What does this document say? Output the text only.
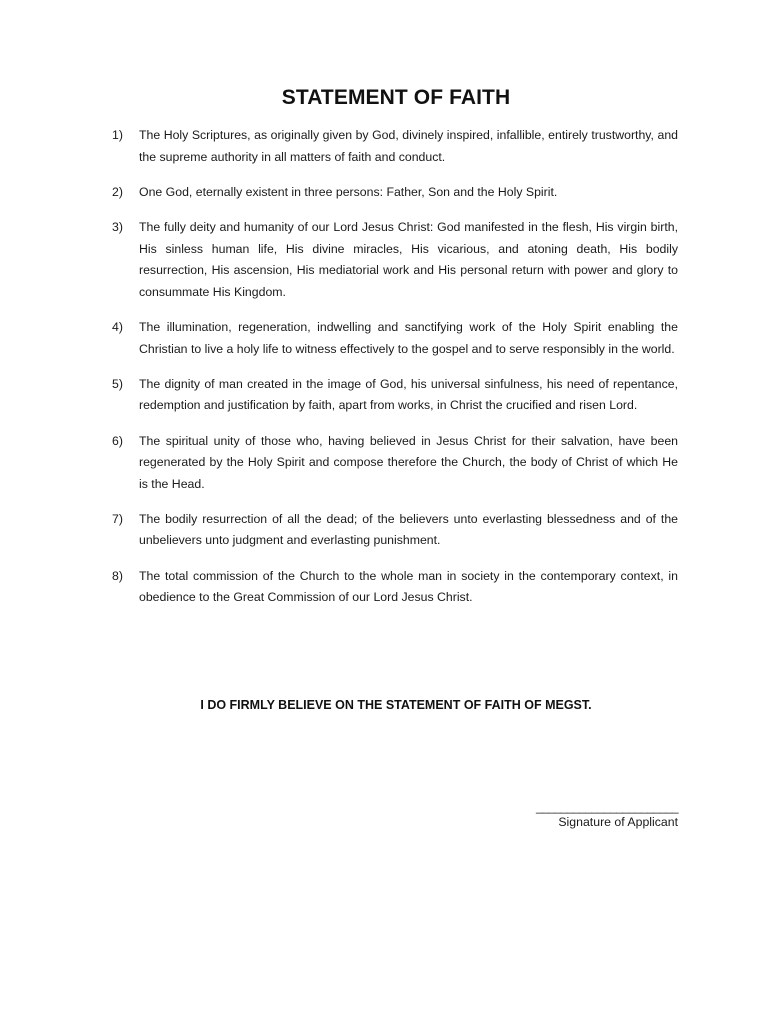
STATEMENT OF FAITH
1)	The Holy Scriptures, as originally given by God, divinely inspired, infallible, entirely trustworthy, and the supreme authority in all matters of faith and conduct.
2)	One God, eternally existent in three persons: Father, Son and the Holy Spirit.
3)	The fully deity and humanity of our Lord Jesus Christ: God manifested in the flesh, His virgin birth, His sinless human life, His divine miracles, His vicarious, and atoning death, His bodily resurrection, His ascension, His mediatorial work and His personal return with power and glory to consummate His Kingdom.
4)	The illumination, regeneration, indwelling and sanctifying work of the Holy Spirit enabling the Christian to live a holy life to witness effectively to the gospel and to serve responsibly in the world.
5)	The dignity of man created in the image of God, his universal sinfulness, his need of repentance, redemption and justification by faith, apart from works, in Christ the crucified and risen Lord.
6)	The spiritual unity of those who, having believed in Jesus Christ for their salvation, have been regenerated by the Holy Spirit and compose therefore the Church, the body of Christ of which He is the Head.
7)	The bodily resurrection of all the dead; of the believers unto everlasting blessedness and of the unbelievers unto judgment and everlasting punishment.
8)	The total commission of the Church to the whole man in society in the contemporary context, in obedience to the Great Commission of our Lord Jesus Christ.

I DO FIRMLY BELIEVE ON THE STATEMENT OF FAITH OF MEGST.

_______________________
Signature of Applicant
